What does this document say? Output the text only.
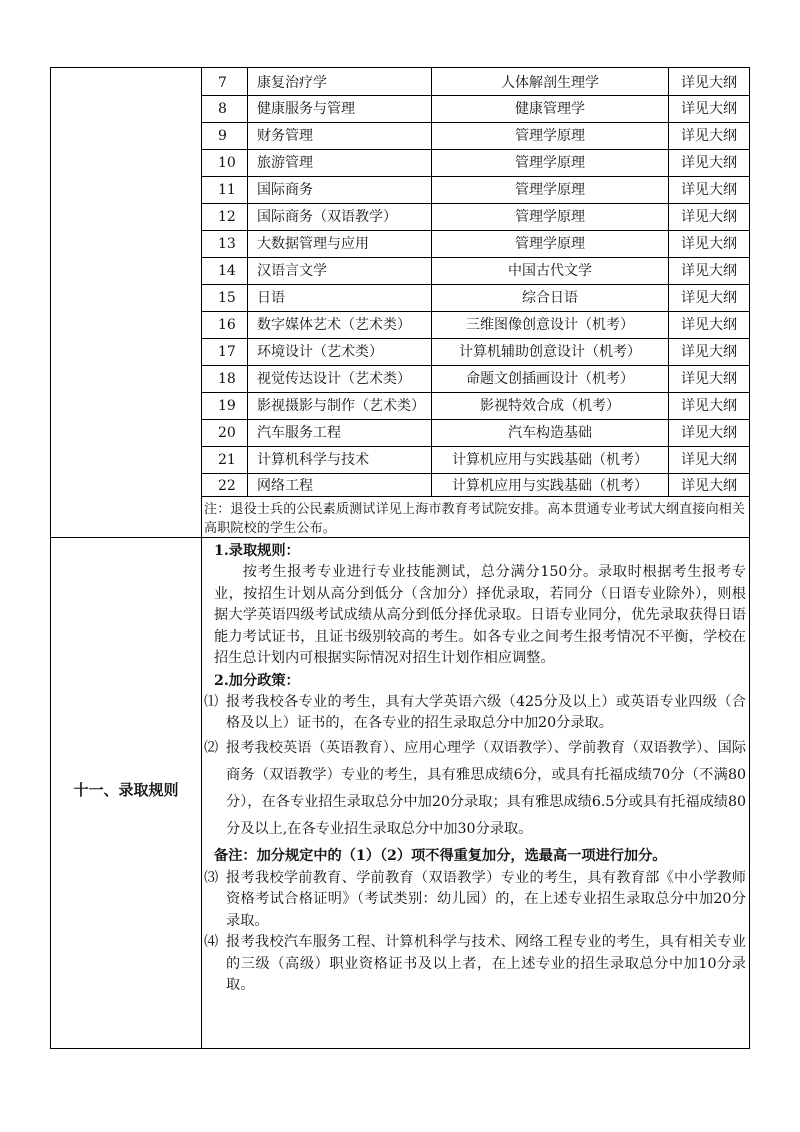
7	康复治疗学	人体解剖生理学	详见大纲
8	健康服务与管理	健康管理学	详见大纲
9	财务管理	管理学原理	详见大纲
10	旅游管理	管理学原理	详见大纲
11	国际商务	管理学原理	详见大纲
12	国际商务（双语教学）	管理学原理	详见大纲
13	大数据管理与应用	管理学原理	详见大纲
14	汉语言文学	中国古代文学	详见大纲
15	日语	综合日语	详见大纲
16	数字媒体艺术（艺术类）	三维图像创意设计（机考）	详见大纲
17	环境设计（艺术类）	计算机辅助创意设计（机考）	详见大纲
18	视觉传达设计（艺术类）	命题文创插画设计（机考）	详见大纲
19	影视摄影与制作（艺术类）	影视特效合成（机考）	详见大纲
20	汽车服务工程	汽车构造基础	详见大纲
21	计算机科学与技术	计算机应用与实践基础（机考）	详见大纲
22	网络工程	计算机应用与实践基础（机考）	详见大纲
注：退役士兵的公民素质测试详见上海市教育考试院安排。高本贯通专业考试大纲直接向相关高职院校的学生公布。
十一、录取规则
1.录取规则：
按考生报考专业进行专业技能测试，总分满分150分。录取时根据考生报考专业，按招生计划从高分到低分（含加分）择优录取，若同分（日语专业除外），则根据大学英语四级考试成绩从高分到低分择优录取。日语专业同分，优先录取获得日语能力考试证书，且证书级别较高的考生。如各专业之间考生报考情况不平衡，学校在招生总计划内可根据实际情况对招生计划作相应调整。
2.加分政策：
⑴ 报考我校各专业的考生，具有大学英语六级（425分及以上）或英语专业四级（合格及以上）证书的，在各专业的招生录取总分中加20分录取。
⑵ 报考我校英语（英语教育）、应用心理学（双语教学）、学前教育（双语教学）、国际商务（双语教学）专业的考生，具有雅思成绩6分，或具有托福成绩70分（不满80分），在各专业招生录取总分中加20分录取；具有雅思成绩6.5分或具有托福成绩80分及以上,在各专业招生录取总分中加30分录取。
备注：加分规定中的（1）（2）项不得重复加分，选最高一项进行加分。
⑶ 报考我校学前教育、学前教育（双语教学）专业的考生，具有教育部《中小学教师资格考试合格证明》（考试类别：幼儿园）的，在上述专业招生录取总分中加20分录取。
⑷ 报考我校汽车服务工程、计算机科学与技术、网络工程专业的考生，具有相关专业的三级（高级）职业资格证书及以上者，在上述专业的招生录取总分中加10分录取。
